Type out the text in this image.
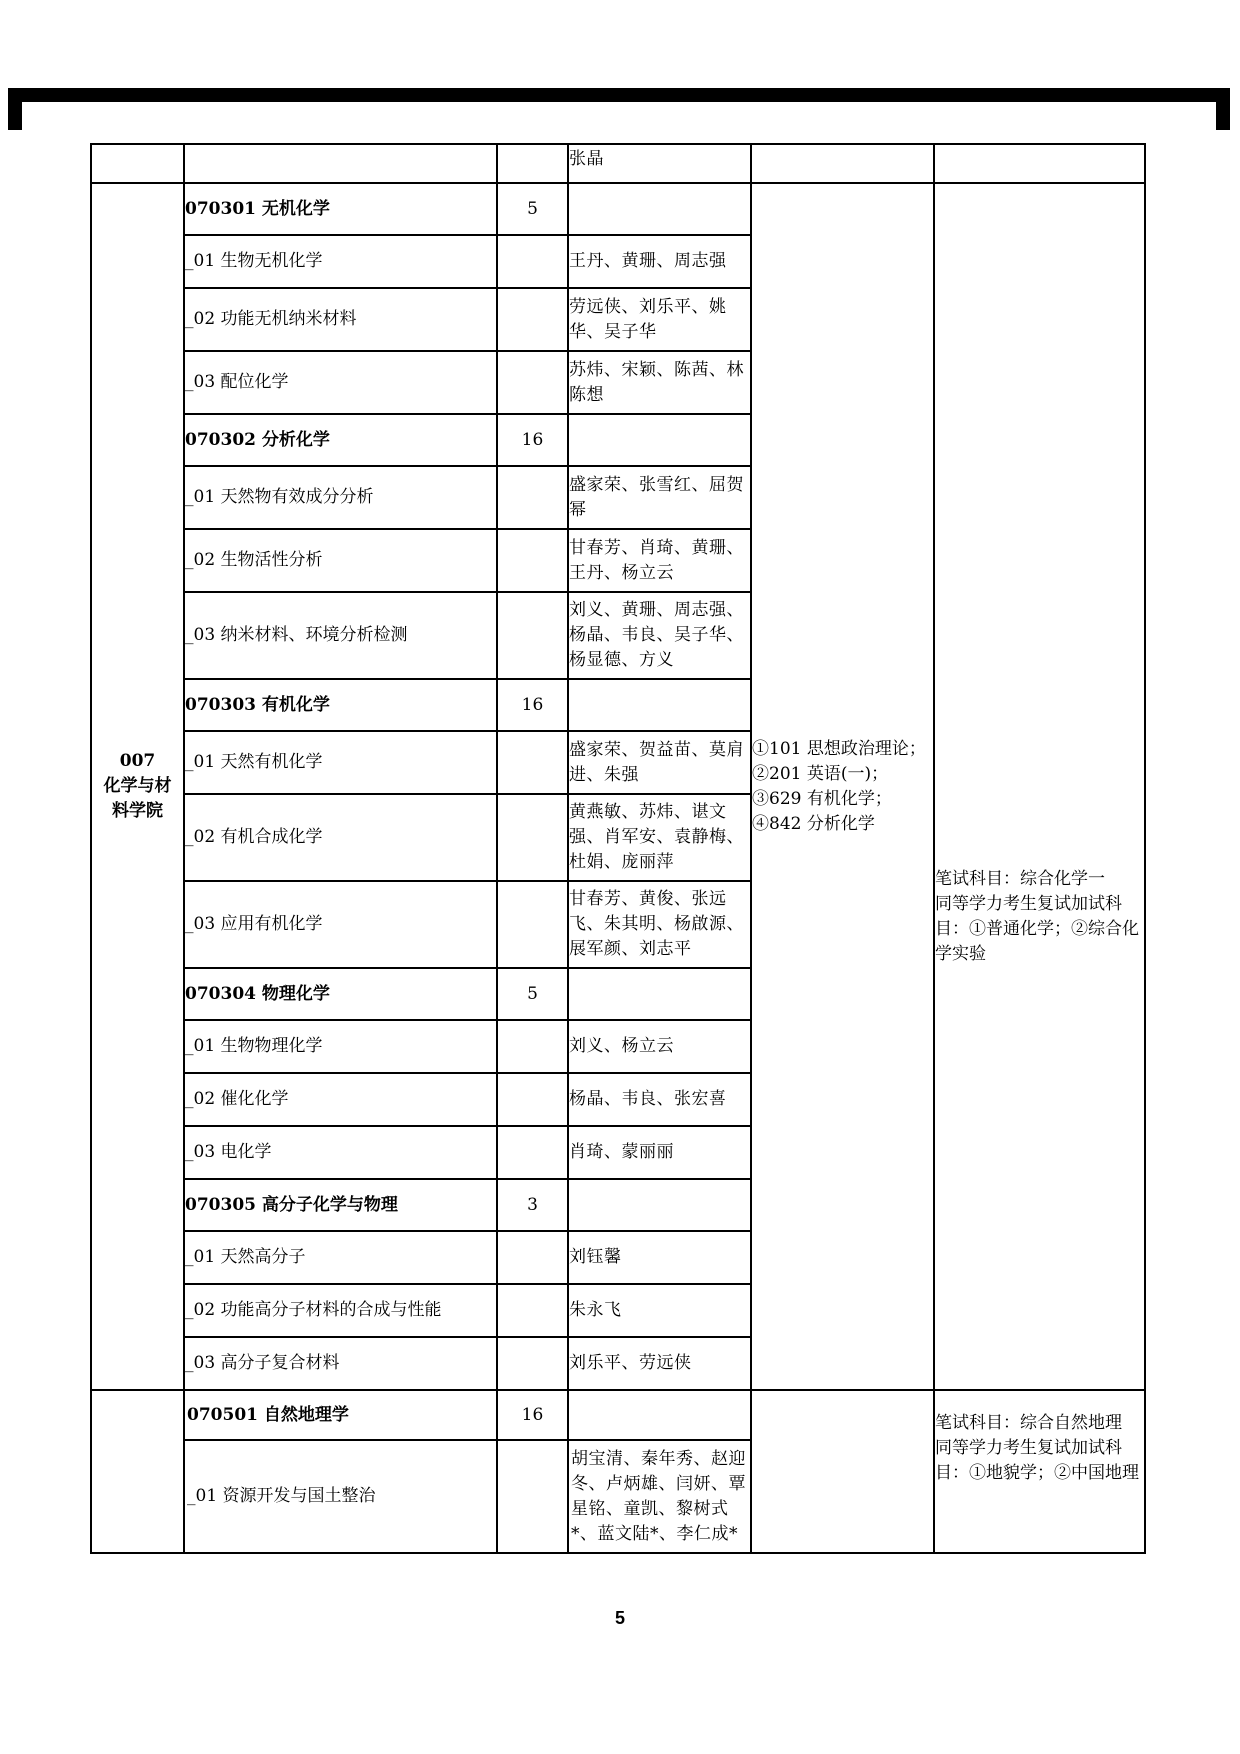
			张晶		

007
化学与材
料学院	070301 无机化学	5		①101 思想政治理论；②201 英语(一)；③629 有机化学；④842 分析化学	笔试科目：综合化学一
同等学力考生复试加试科目：①普通化学；②综合化学实验

	_01 生物无机化学		王丹、黄珊、周志强		
	_02 功能无机纳米材料		劳远侠、刘乐平、姚华、吴子华		
	_03 配位化学		苏炜、宋颖、陈茜、林陈想		
	070302 分析化学	16			
	_01 天然物有效成分分析		盛家荣、张雪红、屈贺幂		
	_02 生物活性分析		甘春芳、肖琦、黄珊、王丹、杨立云		
	_03 纳米材料、环境分析检测		刘义、黄珊、周志强、杨晶、韦良、吴子华、杨显德、方义		
	070303 有机化学	16			
	_01 天然有机化学		盛家荣、贺益苗、莫肩进、朱强		
	_02 有机合成化学		黄燕敏、苏炜、谌文强、肖军安、袁静梅、杜娟、庞丽萍		
	_03 应用有机化学		甘春芳、黄俊、张远飞、朱其明、杨啟源、展军颜、刘志平		
	070304 物理化学	5			
	_01 生物物理化学		刘义、杨立云		
	_02 催化化学		杨晶、韦良、张宏喜		
	_03 电化学		肖琦、蒙丽丽		
	070305 高分子化学与物理	3			
	_01 天然高分子		刘钰馨		
	_02 功能高分子材料的合成与性能		朱永飞		
	_03 高分子复合材料		刘乐平、劳远侠		
	070501 自然地理学	16			笔试科目：综合自然地理
同等学力考生复试加试科目：①地貌学；②中国地理

	_01 资源开发与国土整治		胡宝清、秦年秀、赵迎冬、卢炳雄、闫妍、覃星铭、童凯、黎树式*、蓝文陆*、李仁成*		
5
